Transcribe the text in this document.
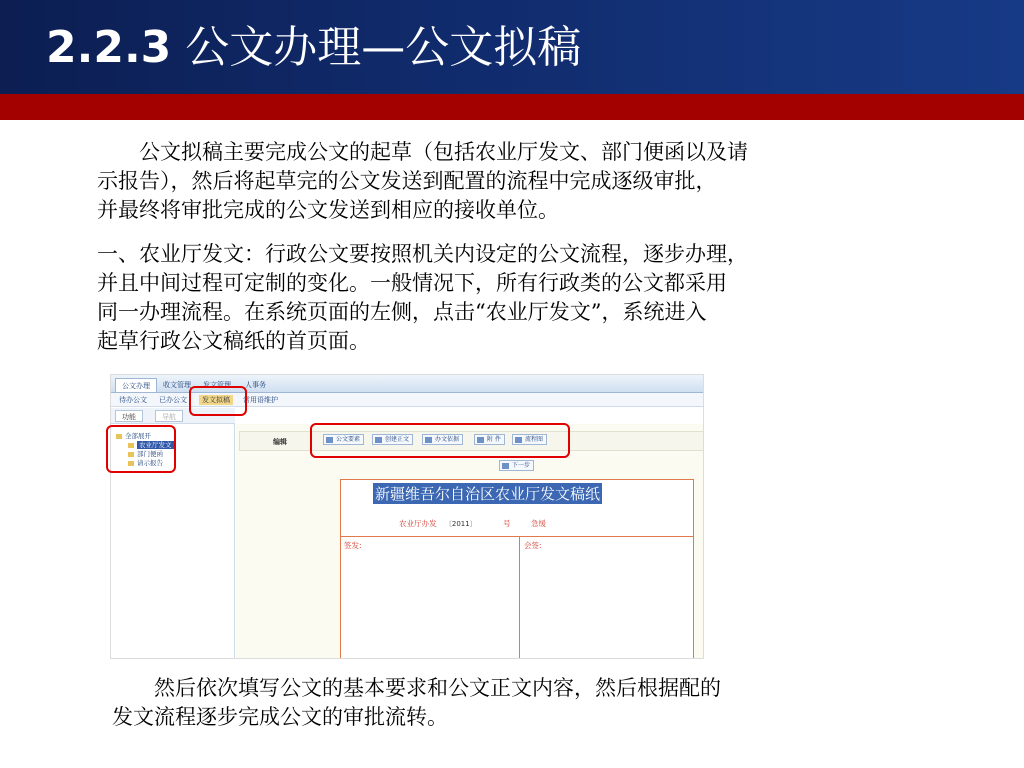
2.2.3 公文办理—公文拟稿
　　公文拟稿主要完成公文的起草（包括农业厅发文、部门便函以及请
示报告），然后将起草完的公文发送到配置的流程中完成逐级审批，
并最终将审批完成的公文发送到相应的接收单位。
一、农业厅发文：行政公文要按照机关内设定的公文流程，逐步办理，
并且中间过程可定制的变化。一般情况下，所有行政类的公文都采用
同一办理流程。在系统页面的左侧，点击“农业厅发文”，系统进入
起草行政公文稿纸的首页面。
公文办理	收文管理	发文管理	人事务
待办公文 已办公文	发文拟稿	常用语维护
功能	导航
全部展开
农业厅发文
部门便函
请示报告
编辑	公文要素	创建正文	办文依据	附 件	流程图
下一步
新疆维吾尔自治区农业厅发文稿纸
农业厅办发 〔2011〕	号	急缓
签发:	会签:
　　然后依次填写公文的基本要求和公文正文内容，然后根据配的
发文流程逐步完成公文的审批流转。
